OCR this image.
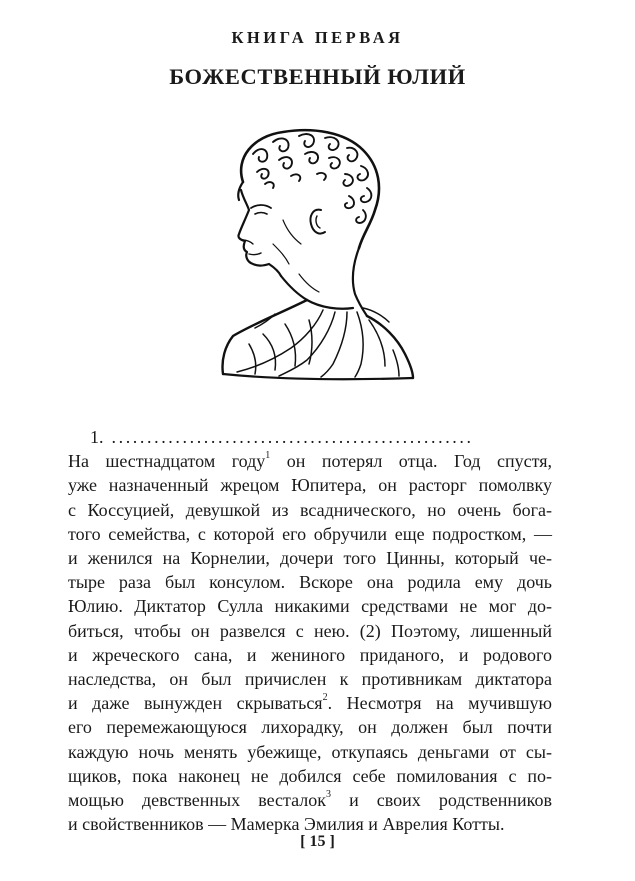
КНИГА ПЕРВАЯ
БОЖЕСТВЕННЫЙ ЮЛИЙ
1. ...................................................
На шестнадцатом году$^1$ он потерял отца. Год спустя,
уже назначенный жрецом Юпитера, он расторг помолвку
с Коссуцией, девушкой из всаднического, но очень бога-
того семейства, с которой его обручили еще подростком, —
и женился на Корнелии, дочери того Цинны, который че-
тыре раза был консулом. Вскоре она родила ему дочь
Юлию. Диктатор Сулла никакими средствами не мог до-
биться, чтобы он развелся с нею. (2) Поэтому, лишенный
и жреческого сана, и жениного приданого, и родового
наследства, он был причислен к противникам диктатора
и даже вынужден скрываться$^2$. Несмотря на мучившую
его перемежающуюся лихорадку, он должен был почти
каждую ночь менять убежище, откупаясь деньгами от сы-
щиков, пока наконец не добился себе помилования с по-
мощью девственных весталок$^3$ и своих родственников
и свойственников — Мамерка Эмилия и Аврелия Котты.
[ 15 ]
